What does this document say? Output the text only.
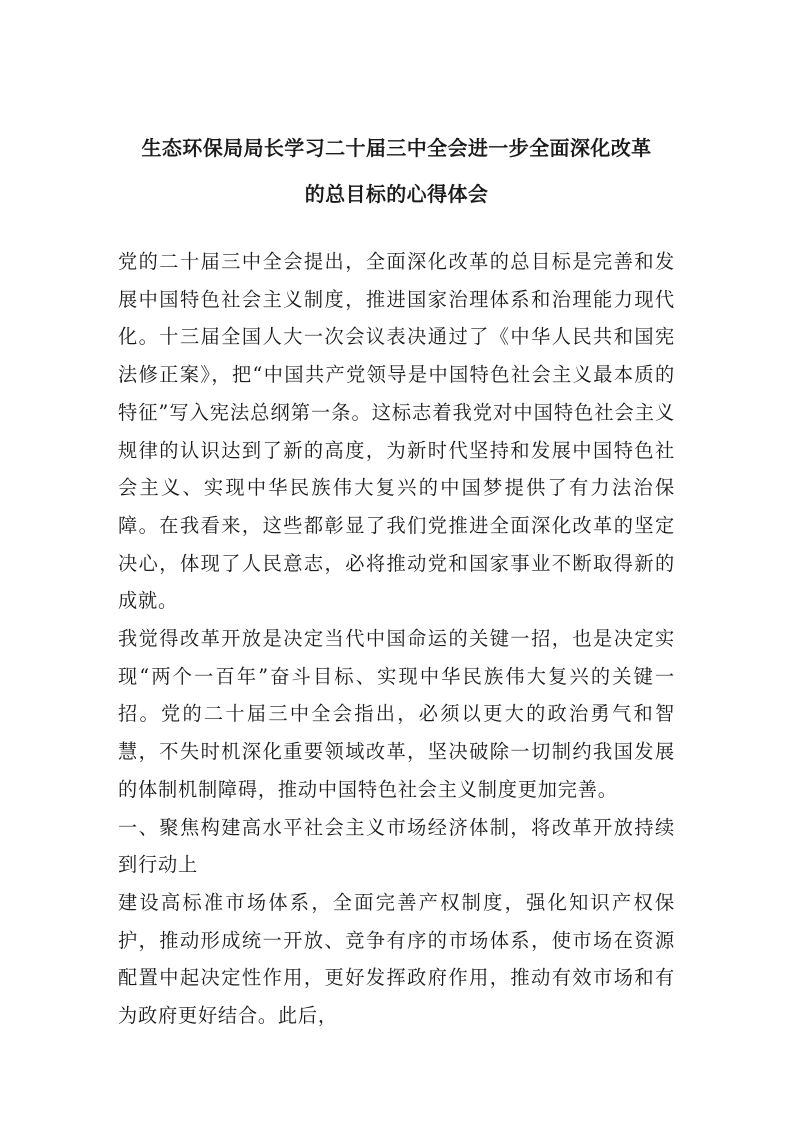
生态环保局局长学习二十届三中全会进一步全面深化改革
的总目标的心得体会

党的二十届三中全会提出，全面深化改革的总目标是完善和发展中国特色社会主义制度，推进国家治理体系和治理能力现代化。十三届全国人大一次会议表决通过了《中华人民共和国宪法修正案》，把“中国共产党领导是中国特色社会主义最本质的特征”写入宪法总纲第一条。这标志着我党对中国特色社会主义规律的认识达到了新的高度，为新时代坚持和发展中国特色社会主义、实现中华民族伟大复兴的中国梦提供了有力法治保障。在我看来，这些都彰显了我们党推进全面深化改革的坚定决心，体现了人民意志，必将推动党和国家事业不断取得新的成就。

我觉得改革开放是决定当代中国命运的关键一招，也是决定实现“两个一百年”奋斗目标、实现中华民族伟大复兴的关键一招。党的二十届三中全会指出，必须以更大的政治勇气和智慧，不失时机深化重要领域改革，坚决破除一切制约我国发展的体制机制障碍，推动中国特色社会主义制度更加完善。

一、聚焦构建高水平社会主义市场经济体制，将改革开放持续到行动上

建设高标准市场体系，全面完善产权制度，强化知识产权保护，推动形成统一开放、竞争有序的市场体系，使市场在资源配置中起决定性作用，更好发挥政府作用，推动有效市场和有为政府更好结合。此后，
